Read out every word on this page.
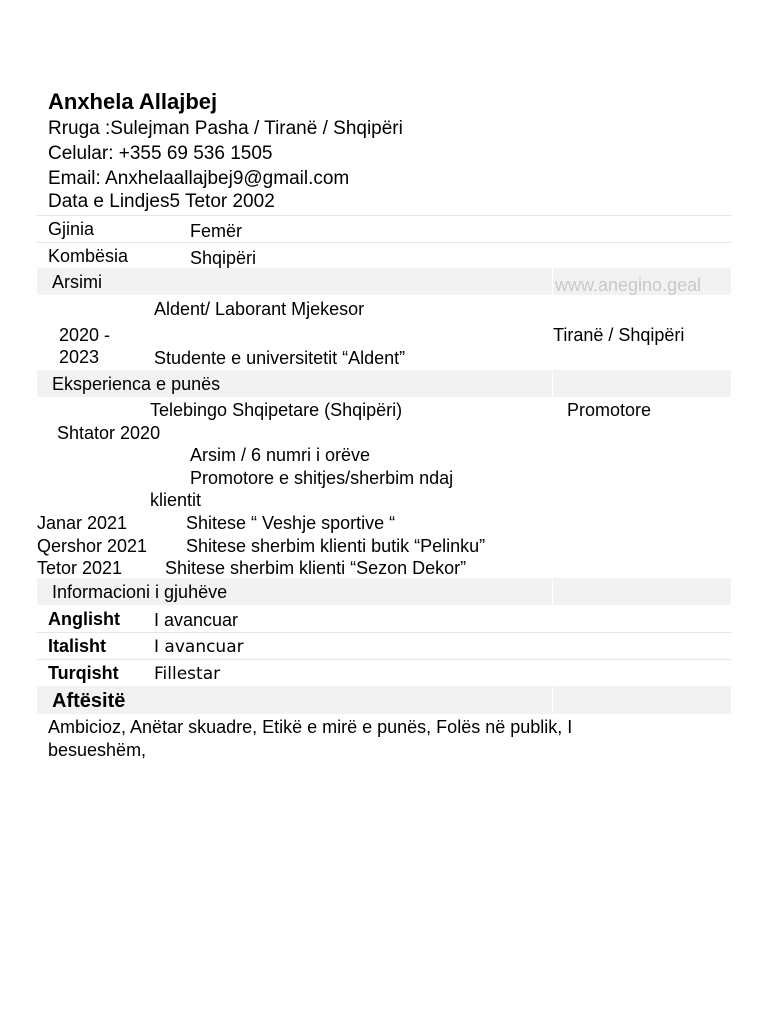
Anxhela Allajbej
Rruga :Sulejman Pasha / Tiranë / Shqipëri
Celular: +355 69 536 1505
Email: Anxhelaallajbej9@gmail.com
Data e Lindjes5 Tetor 2002
Gjinia	Femër
Kombësia	Shqipëri
Arsimi	www.anegino.geal
Aldent/ Laborant Mjekesor
2020 -	Tiranë / Shqipëri
2023	Studente e universitetit “Aldent”
Eksperienca e punës
Telebingo Shqipetare (Shqipëri)	Promotore
Shtator 2020
Arsim / 6 numri i orëve
Promotore e shitjes/sherbim ndaj
klientit
Janar 2021	Shitese “ Veshje sportive “
Qershor 2021 Shitese sherbim klienti butik “Pelinku”
Tetor 2021 Shitese sherbim klienti “Sezon Dekor”
Informacioni i gjuhëve
Anglisht I avancuar
Italisht	I avancuar
Turqisht Fillestar
Aftësitë
Ambicioz, Anëtar skuadre, Etikë e mirë e punës, Folës në publik, I
besueshëm,
